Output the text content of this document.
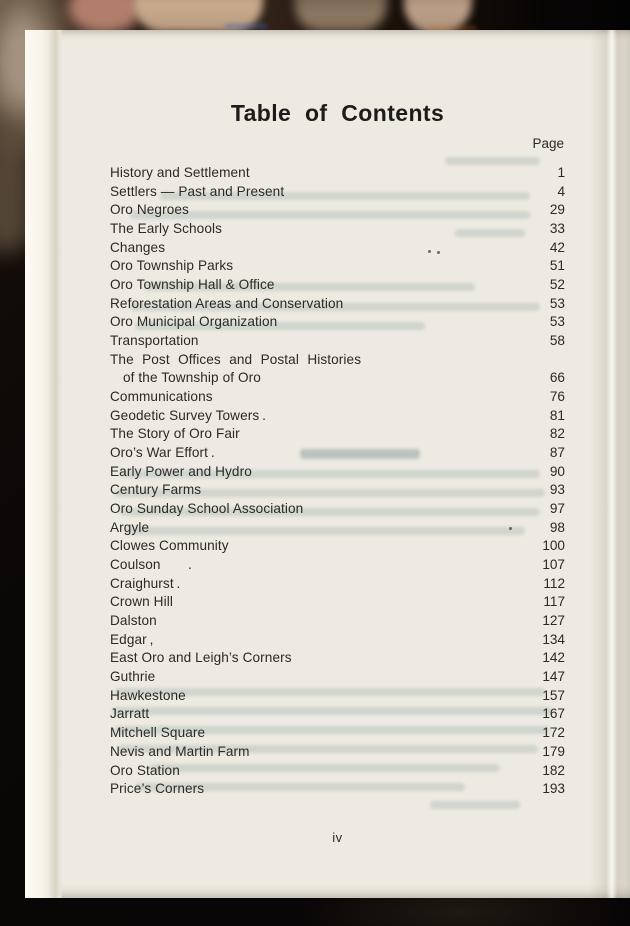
Table of Contents
Page
History and Settlement	1
Settlers — Past and Present	4
Oro Negroes	29
The Early Schools	33
Changes	42
Oro Township Parks	51
Oro Township Hall & Office	52
Reforestation Areas and Conservation	53
Oro Municipal Organization	53
Transportation	58
The Post Offices and Postal Histories
of the Township of Oro	66
Communications	76
Geodetic Survey Towers .	81
The Story of Oro Fair	82
Oro’s War Effort .	87
Early Power and Hydro	90
Century Farms	93
Oro Sunday School Association	97
Argyle	98
Clowes Community	100
Coulson  .	107
Craighurst .	112
Crown Hill	117
Dalston	127
Edgar ,	134
East Oro and Leigh’s Corners	142
Guthrie	147
Hawkestone	157
Jarratt	167
Mitchell Square	172
Nevis and Martin Farm	179
Oro Station	182
Price’s Corners	193
iv
